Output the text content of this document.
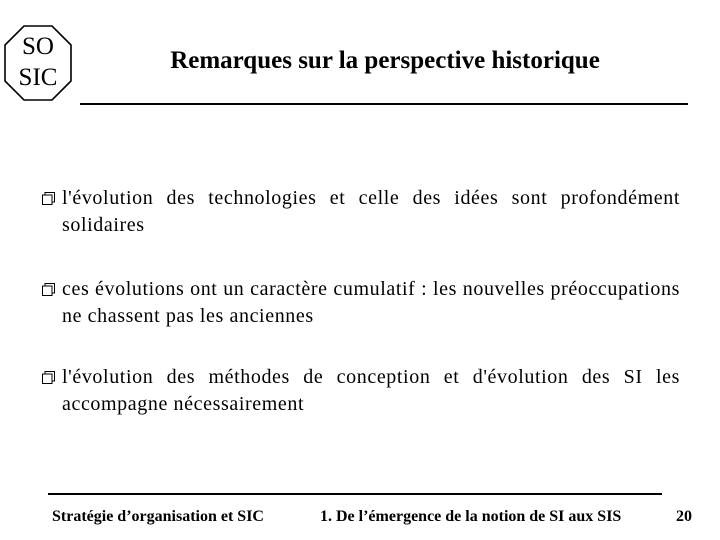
SO
SIC
Remarques sur la perspective historique
l'évolution des technologies et celle des idées sont profondément solidaires
ces évolutions ont un caractère cumulatif : les nouvelles préoccupations ne chassent pas les anciennes
l'évolution des méthodes de conception et d'évolution des SI les accompagne nécessairement
Stratégie d’organisation et SIC	1. De l’émergence de la notion de SI aux SIS	20
